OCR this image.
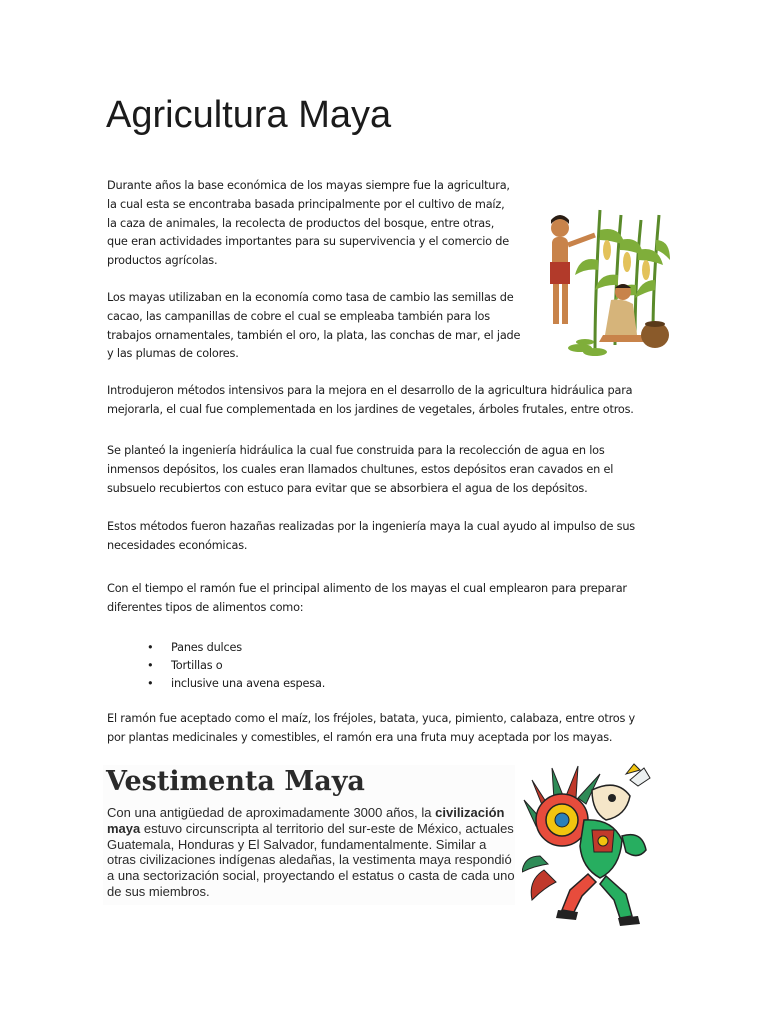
Agricultura Maya

Durante años la base económica de los mayas siempre fue la agricultura, la cual esta se encontraba basada principalmente por el cultivo de maíz, la caza de animales, la recolecta de productos del bosque, entre otras, que eran actividades importantes para su supervivencia y el comercio de productos agrícolas.

Los mayas utilizaban en la economía como tasa de cambio las semillas de cacao, las campanillas de cobre el cual se empleaba también para los trabajos ornamentales, también el oro, la plata, las conchas de mar, el jade y las plumas de colores.

Introdujeron métodos intensivos para la mejora en el desarrollo de la agricultura hidráulica para mejorarla, el cual fue complementada en los jardines de vegetales, árboles frutales, entre otros.

Se planteó la ingeniería hidráulica la cual fue construida para la recolección de agua en los inmensos depósitos, los cuales eran llamados chultunes, estos depósitos eran cavados en el subsuelo recubiertos con estuco para evitar que se absorbiera el agua de los depósitos.

Estos métodos fueron hazañas realizadas por la ingeniería maya la cual ayudo al impulso de sus necesidades económicas.

Con el tiempo el ramón fue el principal alimento de los mayas el cual emplearon para preparar diferentes tipos de alimentos como:

• Panes dulces
• Tortillas o
• inclusive una avena espesa.

El ramón fue aceptado como el maíz, los fréjoles, batata, yuca, pimiento, calabaza, entre otros y por plantas medicinales y comestibles, el ramón era una fruta muy aceptada por los mayas.

Vestimenta Maya

Con una antigüedad de aproximadamente 3000 años, la civilización maya estuvo circunscripta al territorio del sur-este de México, actuales Guatemala, Honduras y El Salvador, fundamentalmente. Similar a otras civilizaciones indígenas aledañas, la vestimenta maya respondió a una sectorización social, proyectando el estatus o casta de cada uno de sus miembros.
